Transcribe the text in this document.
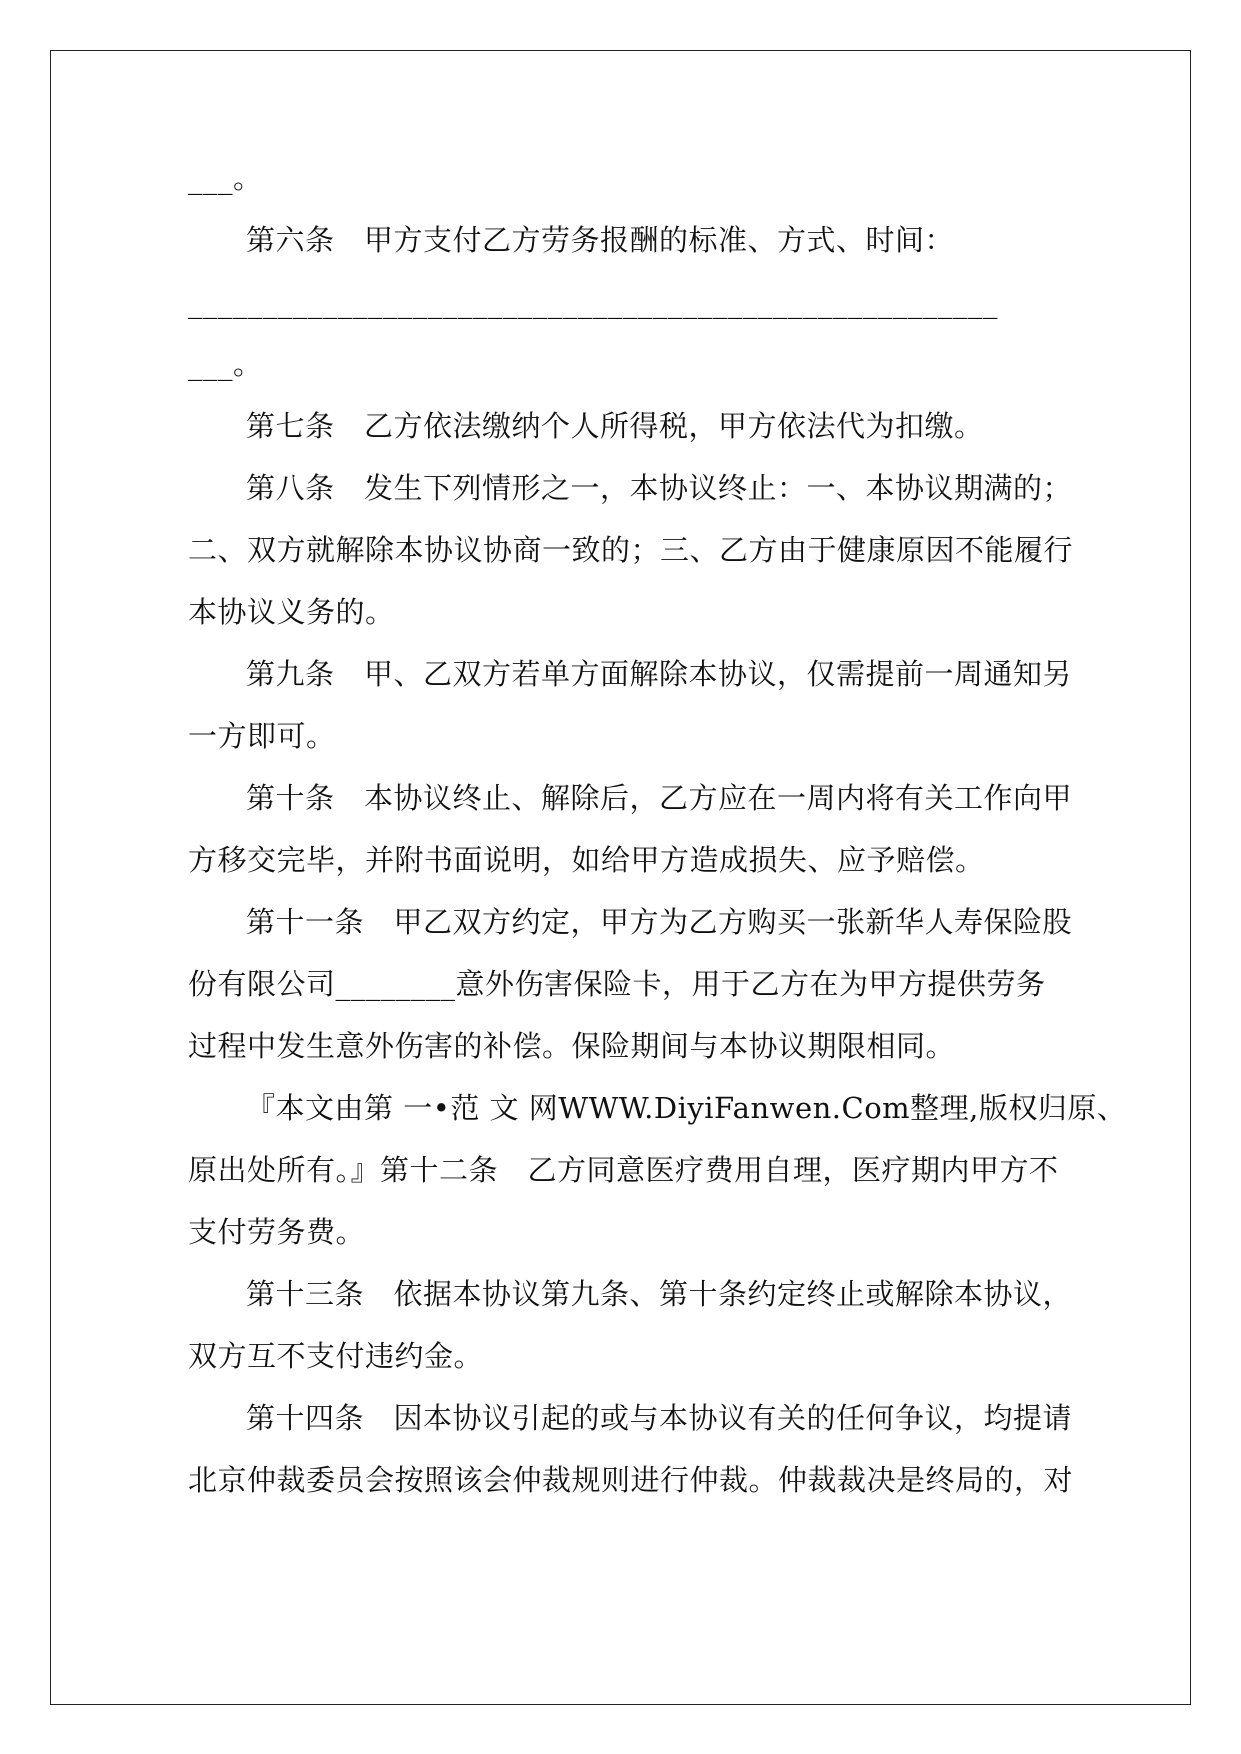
___。
第六条　甲方支付乙方劳务报酬的标准、方式、时间：
______________________________________________________
___。
第七条　乙方依法缴纳个人所得税，甲方依法代为扣缴。
第八条　发生下列情形之一，本协议终止：一、本协议期满的；
二、双方就解除本协议协商一致的；三、乙方由于健康原因不能履行
本协议义务的。
第九条　甲、乙双方若单方面解除本协议，仅需提前一周通知另
一方即可。
第十条　本协议终止、解除后，乙方应在一周内将有关工作向甲
方移交完毕，并附书面说明，如给甲方造成损失、应予赔偿。
第十一条　甲乙双方约定，甲方为乙方购买一张新华人寿保险股
份有限公司________意外伤害保险卡，用于乙方在为甲方提供劳务
过程中发生意外伤害的补偿。保险期间与本协议期限相同。
『本文由第 一•范 文 网WWW.DiyiFanwen.Com整理,版权归原、
原出处所有。』第十二条　乙方同意医疗费用自理，医疗期内甲方不
支付劳务费。
第十三条　依据本协议第九条、第十条约定终止或解除本协议，
双方互不支付违约金。
第十四条　因本协议引起的或与本协议有关的任何争议，均提请
北京仲裁委员会按照该会仲裁规则进行仲裁。仲裁裁决是终局的，对
